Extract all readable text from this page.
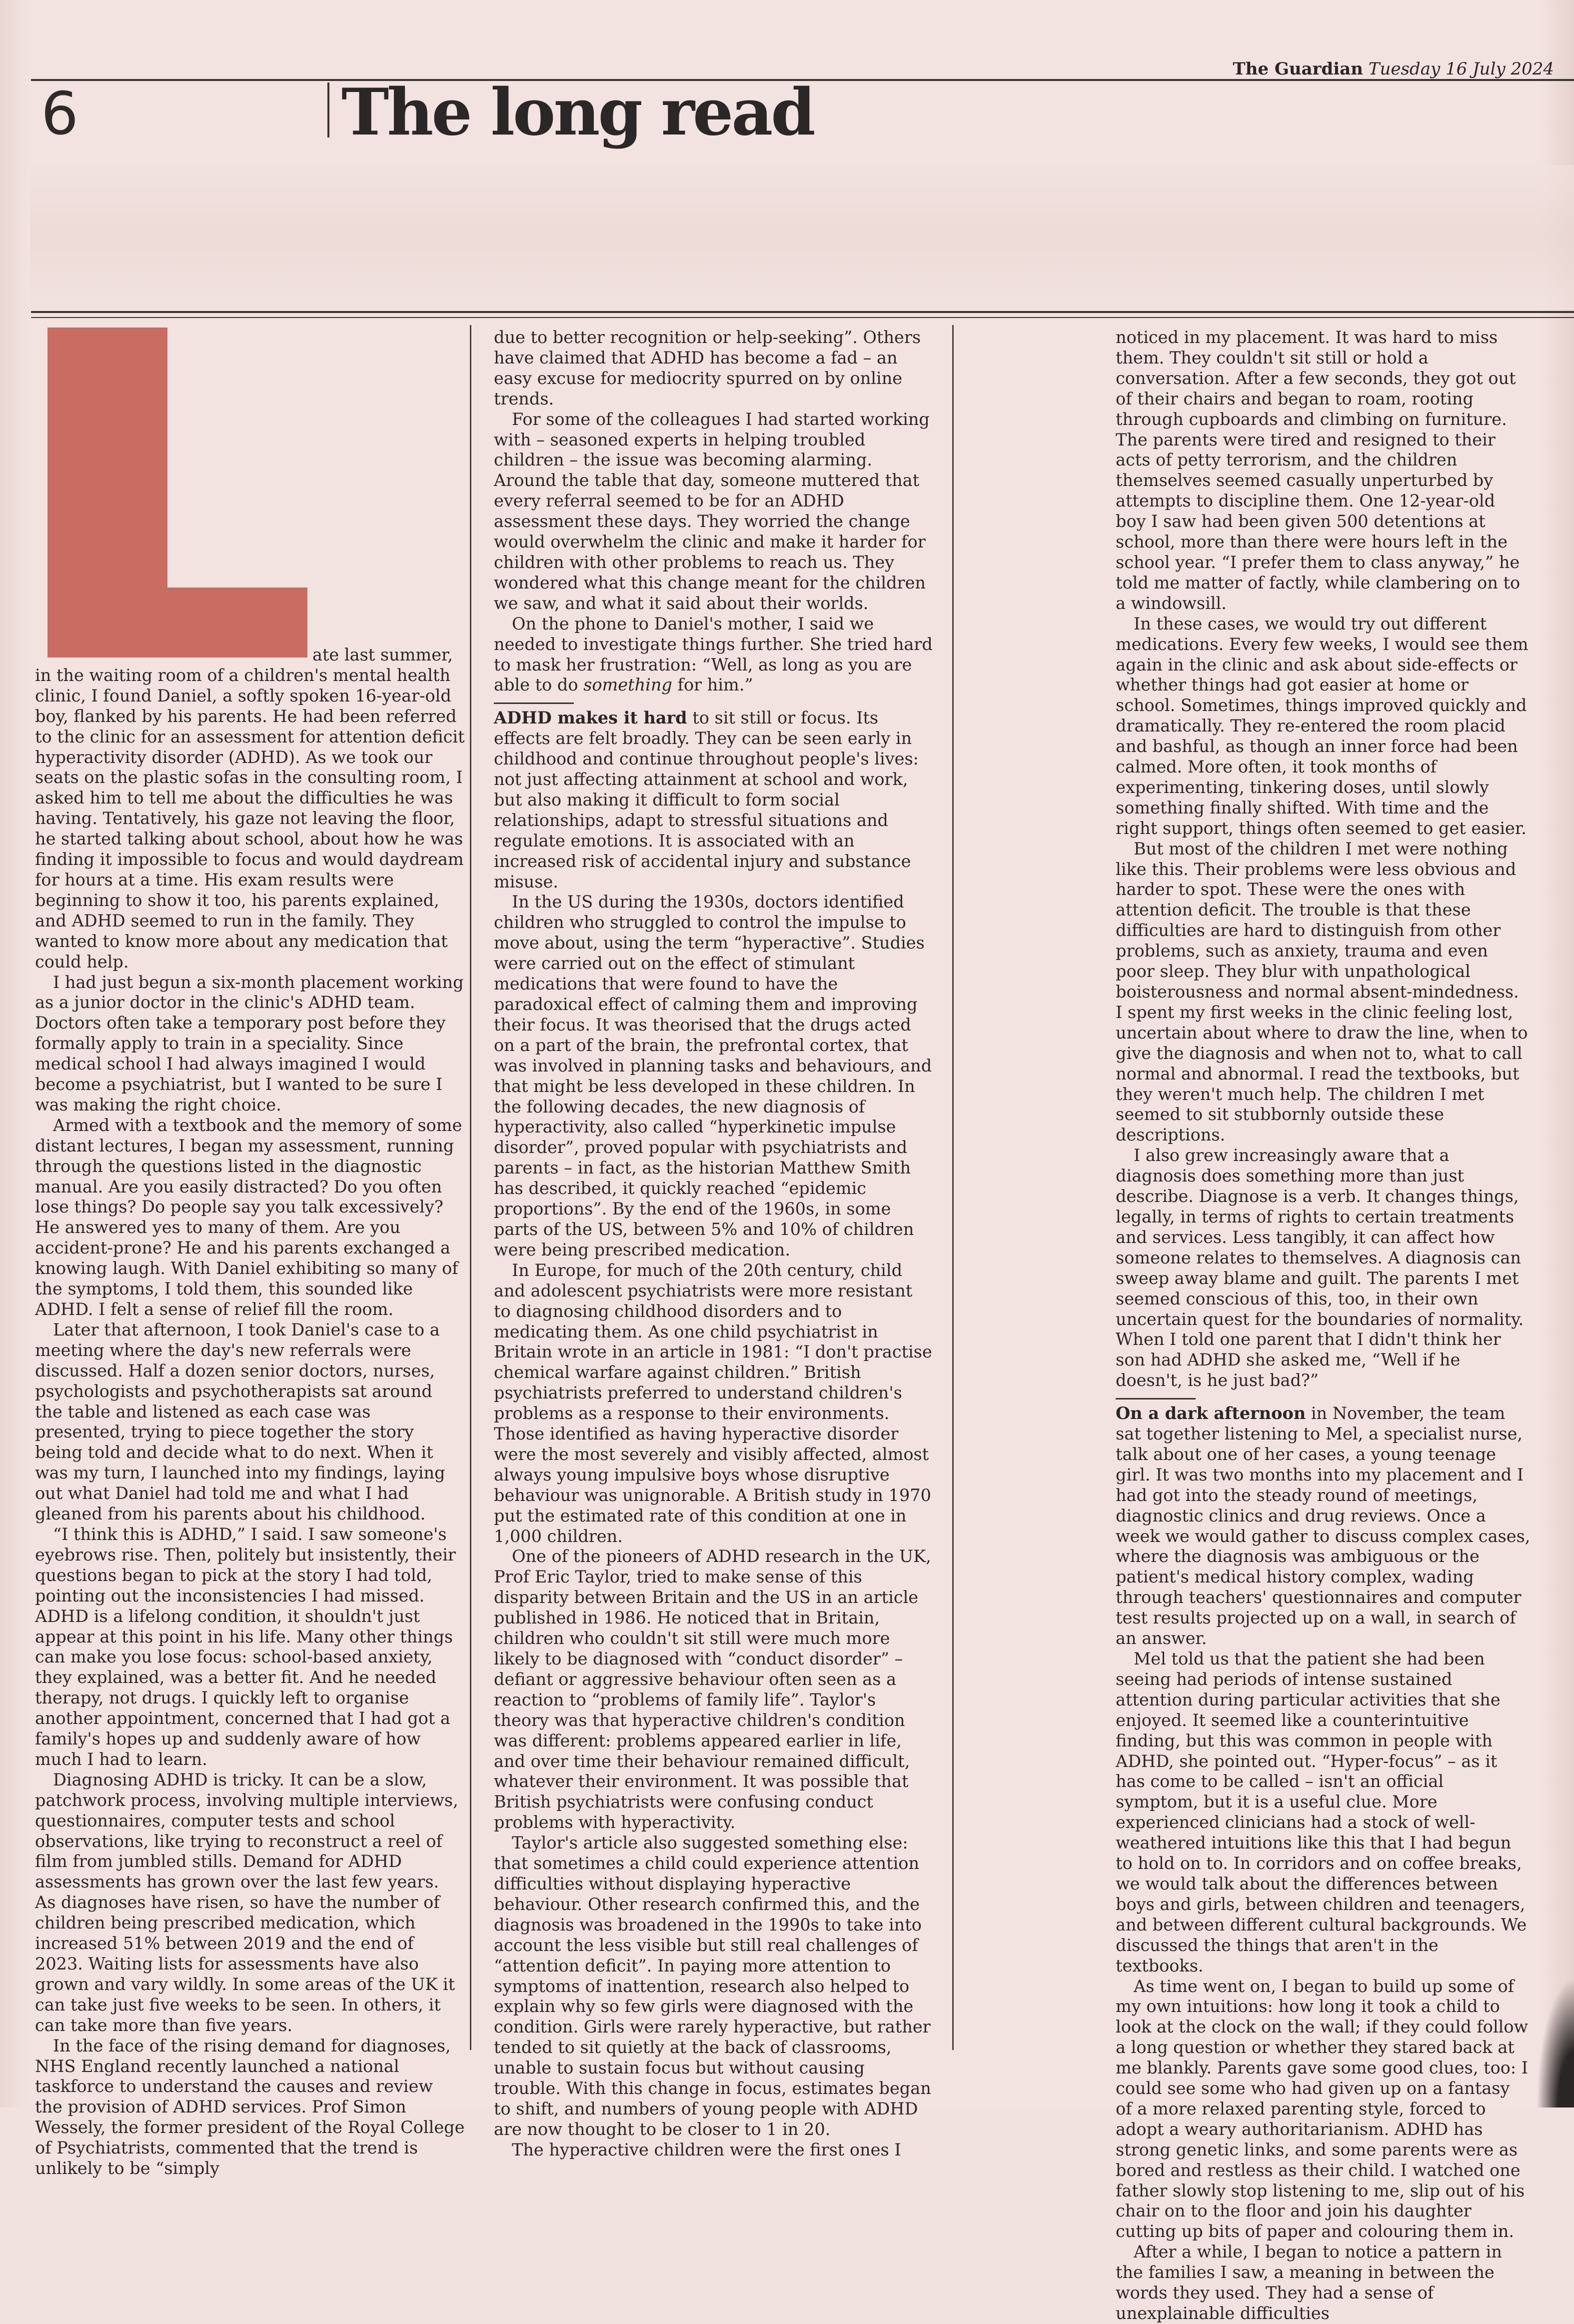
The Guardian Tuesday 16 July 2024
6	The long read

ate last summer, in the waiting room of a children's mental health clinic, I found Daniel, a softly spoken 16-year-old boy, flanked by his parents. He had been referred to the clinic for an assessment for attention deficit hyperactivity disorder (ADHD). As we took our seats on the plastic sofas in the consulting room, I asked him to tell me about the difficulties he was having. Tentatively, his gaze not leaving the floor, he started talking about school, about how he was finding it impossible to focus and would daydream for hours at a time. His exam results were beginning to show it too, his parents explained, and ADHD seemed to run in the family. They wanted to know more about any medication that could help.

I had just begun a six-month placement working as a junior doctor in the clinic's ADHD team. Doctors often take a temporary post before they formally apply to train in a speciality. Since medical school I had always imagined I would become a psychiatrist, but I wanted to be sure I was making the right choice.

Armed with a textbook and the memory of some distant lectures, I began my assessment, running through the questions listed in the diagnostic manual. Are you easily distracted? Do you often lose things? Do people say you talk excessively? He answered yes to many of them. Are you accident-prone? He and his parents exchanged a knowing laugh. With Daniel exhibiting so many of the symptoms, I told them, this sounded like ADHD. I felt a sense of relief fill the room.

Later that afternoon, I took Daniel's case to a meeting where the day's new referrals were discussed. Half a dozen senior doctors, nurses, psychologists and psychotherapists sat around the table and listened as each case was presented, trying to piece together the story being told and decide what to do next. When it was my turn, I launched into my findings, laying out what Daniel had told me and what I had gleaned from his parents about his childhood.

“I think this is ADHD,” I said. I saw someone's eyebrows rise. Then, politely but insistently, their questions began to pick at the story I had told, pointing out the inconsistencies I had missed. ADHD is a lifelong condition, it shouldn't just appear at this point in his life. Many other things can make you lose focus: school-based anxiety, they explained, was a better fit. And he needed therapy, not drugs. I quickly left to organise another appointment, concerned that I had got a family's hopes up and suddenly aware of how much I had to learn.

Diagnosing ADHD is tricky. It can be a slow, patchwork process, involving multiple interviews, questionnaires, computer tests and school observations, like trying to reconstruct a reel of film from jumbled stills. Demand for ADHD assessments has grown over the last few years. As diagnoses have risen, so have the number of children being prescribed medication, which increased 51% between 2019 and the end of 2023. Waiting lists for assessments have also grown and vary wildly. In some areas of the UK it can take just five weeks to be seen. In others, it can take more than five years.

In the face of the rising demand for diagnoses, NHS England recently launched a national taskforce to understand the causes and review the provision of ADHD services. Prof Simon Wessely, the former president of the Royal College of Psychiatrists, commented that the trend is unlikely to be “simply

due to better recognition or help-seeking”. Others have claimed that ADHD has become a fad – an easy excuse for mediocrity spurred on by online trends.

For some of the colleagues I had started working with – seasoned experts in helping troubled children – the issue was becoming alarming. Around the table that day, someone muttered that every referral seemed to be for an ADHD assessment these days. They worried the change would overwhelm the clinic and make it harder for children with other problems to reach us. They wondered what this change meant for the children we saw, and what it said about their worlds.

On the phone to Daniel's mother, I said we needed to investigate things further. She tried hard to mask her frustration: “Well, as long as you are able to do something for him.”

ADHD makes it hard to sit still or focus. Its effects are felt broadly. They can be seen early in childhood and continue throughout people's lives: not just affecting attainment at school and work, but also making it difficult to form social relationships, adapt to stressful situations and regulate emotions. It is associated with an increased risk of accidental injury and substance misuse.

In the US during the 1930s, doctors identified children who struggled to control the impulse to move about, using the term “hyperactive”. Studies were carried out on the effect of stimulant medications that were found to have the paradoxical effect of calming them and improving their focus. It was theorised that the drugs acted on a part of the brain, the prefrontal cortex, that was involved in planning tasks and behaviours, and that might be less developed in these children. In the following decades, the new diagnosis of hyperactivity, also called “hyperkinetic impulse disorder”, proved popular with psychiatrists and parents – in fact, as the historian Matthew Smith has described, it quickly reached “epidemic proportions”. By the end of the 1960s, in some parts of the US, between 5% and 10% of children were being prescribed medication.

In Europe, for much of the 20th century, child and adolescent psychiatrists were more resistant to diagnosing childhood disorders and to medicating them. As one child psychiatrist in Britain wrote in an article in 1981: “I don't practise chemical warfare against children.” British psychiatrists preferred to understand children's problems as a response to their environments. Those identified as having hyperactive disorder were the most severely and visibly affected, almost always young impulsive boys whose disruptive behaviour was unignorable. A British study in 1970 put the estimated rate of this condition at one in 1,000 children.

One of the pioneers of ADHD research in the UK, Prof Eric Taylor, tried to make sense of this disparity between Britain and the US in an article published in 1986. He noticed that in Britain, children who couldn't sit still were much more likely to be diagnosed with “conduct disorder” – defiant or aggressive behaviour often seen as a reaction to “problems of family life”. Taylor's theory was that hyperactive children's condition was different: problems appeared earlier in life, and over time their behaviour remained difficult, whatever their environment. It was possible that British psychiatrists were confusing conduct problems with hyperactivity.

Taylor's article also suggested something else: that sometimes a child could experience attention difficulties without displaying hyperactive behaviour. Other research confirmed this, and the diagnosis was broadened in the 1990s to take into account the less visible but still real challenges of “attention deficit”. In paying more attention to symptoms of inattention, research also helped to explain why so few girls were diagnosed with the condition. Girls were rarely hyperactive, but rather tended to sit quietly at the back of classrooms, unable to sustain focus but without causing trouble. With this change in focus, estimates began to shift, and numbers of young people with ADHD are now thought to be closer to 1 in 20.

The hyperactive children were the first ones I

noticed in my placement. It was hard to miss them. They couldn't sit still or hold a conversation. After a few seconds, they got out of their chairs and began to roam, rooting through cupboards and climbing on furniture. The parents were tired and resigned to their acts of petty terrorism, and the children themselves seemed casually unperturbed by attempts to discipline them. One 12-year-old boy I saw had been given 500 detentions at school, more than there were hours left in the school year. “I prefer them to class anyway,” he told me matter of factly, while clambering on to a windowsill.

In these cases, we would try out different medications. Every few weeks, I would see them again in the clinic and ask about side-effects or whether things had got easier at home or school. Sometimes, things improved quickly and dramatically. They re-entered the room placid and bashful, as though an inner force had been calmed. More often, it took months of experimenting, tinkering doses, until slowly something finally shifted. With time and the right support, things often seemed to get easier.

But most of the children I met were nothing like this. Their problems were less obvious and harder to spot. These were the ones with attention deficit. The trouble is that these difficulties are hard to distinguish from other problems, such as anxiety, trauma and even poor sleep. They blur with unpathological boisterousness and normal absent-mindedness. I spent my first weeks in the clinic feeling lost, uncertain about where to draw the line, when to give the diagnosis and when not to, what to call normal and abnormal. I read the textbooks, but they weren't much help. The children I met seemed to sit stubbornly outside these descriptions.

I also grew increasingly aware that a diagnosis does something more than just describe. Diagnose is a verb. It changes things, legally, in terms of rights to certain treatments and services. Less tangibly, it can affect how someone relates to themselves. A diagnosis can sweep away blame and guilt. The parents I met seemed conscious of this, too, in their own uncertain quest for the boundaries of normality. When I told one parent that I didn't think her son had ADHD she asked me, “Well if he doesn't, is he just bad?”

On a dark afternoon in November, the team sat together listening to Mel, a specialist nurse, talk about one of her cases, a young teenage girl. It was two months into my placement and I had got into the steady round of meetings, diagnostic clinics and drug reviews. Once a week we would gather to discuss complex cases, where the diagnosis was ambiguous or the patient's medical history complex, wading through teachers' questionnaires and computer test results projected up on a wall, in search of an answer.

Mel told us that the patient she had been seeing had periods of intense sustained attention during particular activities that she enjoyed. It seemed like a counterintuitive finding, but this was common in people with ADHD, she pointed out. “Hyper-focus” – as it has come to be called – isn't an official symptom, but it is a useful clue. More experienced clinicians had a stock of well-weathered intuitions like this that I had begun to hold on to. In corridors and on coffee breaks, we would talk about the differences between boys and girls, between children and teenagers, and between different cultural backgrounds. We discussed the things that aren't in the textbooks.

As time went on, I began to build up some of my own intuitions: how long it took a child to look at the clock on the wall; if they could follow a long question or whether they stared back at me blankly. Parents gave some good clues, too: I could see some who had given up on a fantasy of a more relaxed parenting style, forced to adopt a weary authoritarianism. ADHD has strong genetic links, and some parents were as bored and restless as their child. I watched one father slowly stop listening to me, slip out of his chair on to the floor and join his daughter cutting up bits of paper and colouring them in.

After a while, I began to notice a pattern in the families I saw, a meaning in between the words they used. They had a sense of unexplainable difficulties
